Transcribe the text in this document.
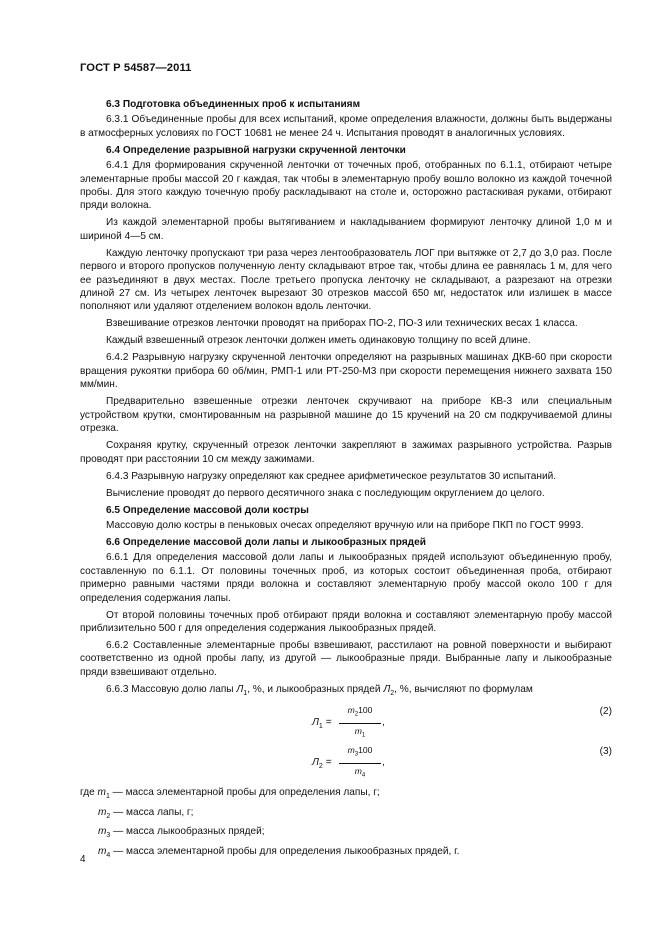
ГОСТ Р 54587—2011
6.3 Подготовка объединенных проб к испытаниям
6.3.1 Объединенные пробы для всех испытаний, кроме определения влажности, должны быть выдержаны в атмосферных условиях по ГОСТ 10681 не менее 24 ч. Испытания проводят в аналогичных условиях.
6.4 Определение разрывной нагрузки скрученной ленточки
6.4.1 Для формирования скрученной ленточки от точечных проб, отобранных по 6.1.1, отбирают четыре элементарные пробы массой 20 г каждая, так чтобы в элементарную пробу вошло волокно из каждой точечной пробы. Для этого каждую точечную пробу раскладывают на столе и, осторожно растаскивая руками, отбирают пряди волокна.
Из каждой элементарной пробы вытягиванием и накладыванием формируют ленточку длиной 1,0 м и шириной 4—5 см.
Каждую ленточку пропускают три раза через лентообразователь ЛОГ при вытяжке от 2,7 до 3,0 раз. После первого и второго пропусков полученную ленту складывают втрое так, чтобы длина ее равнялась 1 м, для чего ее разъединяют в двух местах. После третьего пропуска ленточку не складывают, а разрезают на отрезки длиной 27 см. Из четырех ленточек вырезают 30 отрезков массой 650 мг, недостаток или излишек в массе пополняют или удаляют отделением волокон вдоль ленточки.
Взвешивание отрезков ленточки проводят на приборах ПО-2, ПО-3 или технических весах 1 класса.
Каждый взвешенный отрезок ленточки должен иметь одинаковую толщину по всей длине.
6.4.2 Разрывную нагрузку скрученной ленточки определяют на разрывных машинах ДКВ-60 при скорости вращения рукоятки прибора 60 об/мин, РМП-1 или РТ-250-М3 при скорости перемещения нижнего захвата 150 мм/мин.
Предварительно взвешенные отрезки ленточек скручивают на приборе КВ-3 или специальным устройством крутки, смонтированным на разрывной машине до 15 кручений на 20 см подкручиваемой длины отрезка.
Сохраняя крутку, скрученный отрезок ленточки закрепляют в зажимах разрывного устройства. Разрыв проводят при расстоянии 10 см между зажимами.
6.4.3 Разрывную нагрузку определяют как среднее арифметическое результатов 30 испытаний.
Вычисление проводят до первого десятичного знака с последующим округлением до целого.
6.5 Определение массовой доли костры
Массовую долю костры в пеньковых очесах определяют вручную или на приборе ПКП по ГОСТ 9993.
6.6 Определение массовой доли лапы и лыкообразных прядей
6.6.1 Для определения массовой доли лапы и лыкообразных прядей используют объединенную пробу, составленную по 6.1.1. От половины точечных проб, из которых состоит объединенная проба, отбирают примерно равными частями пряди волокна и составляют элементарную пробу массой около 100 г для определения содержания лапы.
От второй половины точечных проб отбирают пряди волокна и составляют элементарную пробу массой приблизительно 500 г для определения содержания лыкообразных прядей.
6.6.2 Составленные элементарные пробы взвешивают, расстилают на ровной поверхности и выбирают соответственно из одной пробы лапу, из другой — лыкообразные пряди. Выбранные лапу и лыкообразные пряди взвешивают отдельно.
6.6.3 Массовую долю лапы $Л_1$, %, и лыкообразных прядей $Л_2$, %, вычисляют по формулам
$Л_1 = \frac{m_2100}{m_1}$ ,
(2)
$Л_2 = \frac{m_3100}{m_4}$ ,
(3)
где $m_1$ — масса элементарной пробы для определения лапы, г;
$m_2$ — масса лапы, г;
$m_3$ — масса лыкообразных прядей;
$m_4$ — масса элементарной пробы для определения лыкообразных прядей, г.
4
